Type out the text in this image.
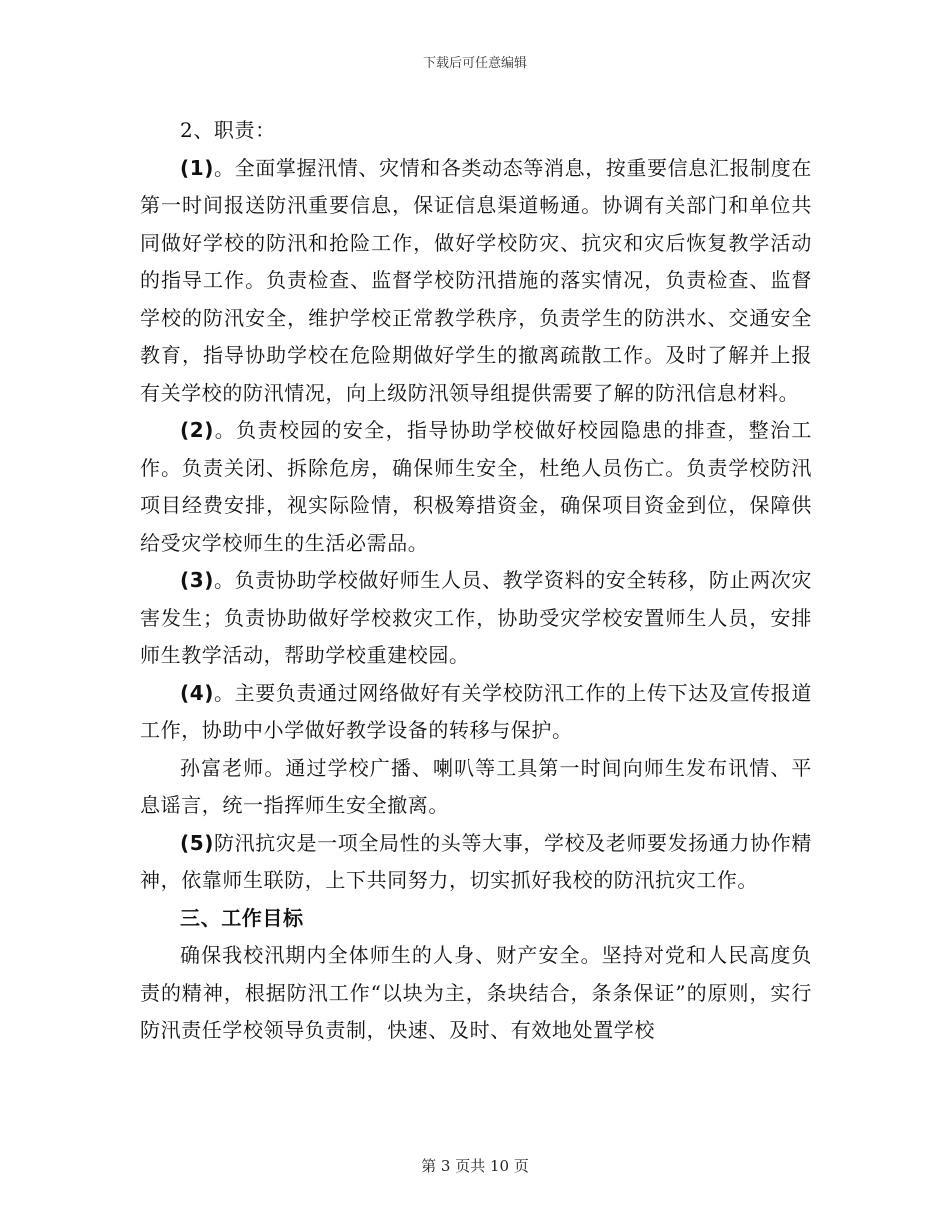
下载后可任意编辑

2、职责：

(1)。全面掌握汛情、灾情和各类动态等消息，按重要信息汇报制度在第一时间报送防汛重要信息，保证信息渠道畅通。协调有关部门和单位共同做好学校的防汛和抢险工作，做好学校防灾、抗灾和灾后恢复教学活动的指导工作。负责检查、监督学校防汛措施的落实情况，负责检查、监督学校的防汛安全，维护学校正常教学秩序，负责学生的防洪水、交通安全教育，指导协助学校在危险期做好学生的撤离疏散工作。及时了解并上报有关学校的防汛情况，向上级防汛领导组提供需要了解的防汛信息材料。

(2)。负责校园的安全，指导协助学校做好校园隐患的排查，整治工作。负责关闭、拆除危房，确保师生安全，杜绝人员伤亡。负责学校防汛项目经费安排，视实际险情，积极筹措资金，确保项目资金到位，保障供给受灾学校师生的生活必需品。

(3)。负责协助学校做好师生人员、教学资料的安全转移，防止两次灾害发生；负责协助做好学校救灾工作，协助受灾学校安置师生人员，安排师生教学活动，帮助学校重建校园。

(4)。主要负责通过网络做好有关学校防汛工作的上传下达及宣传报道工作，协助中小学做好教学设备的转移与保护。

孙富老师。通过学校广播、喇叭等工具第一时间向师生发布讯情、平息谣言，统一指挥师生安全撤离。

(5)防汛抗灾是一项全局性的头等大事，学校及老师要发扬通力协作精神，依靠师生联防，上下共同努力，切实抓好我校的防汛抗灾工作。

三、工作目标

确保我校汛期内全体师生的人身、财产安全。坚持对党和人民高度负责的精神，根据防汛工作“以块为主，条块结合，条条保证”的原则，实行防汛责任学校领导负责制，快速、及时、有效地处置学校

第 3 页共 10 页
